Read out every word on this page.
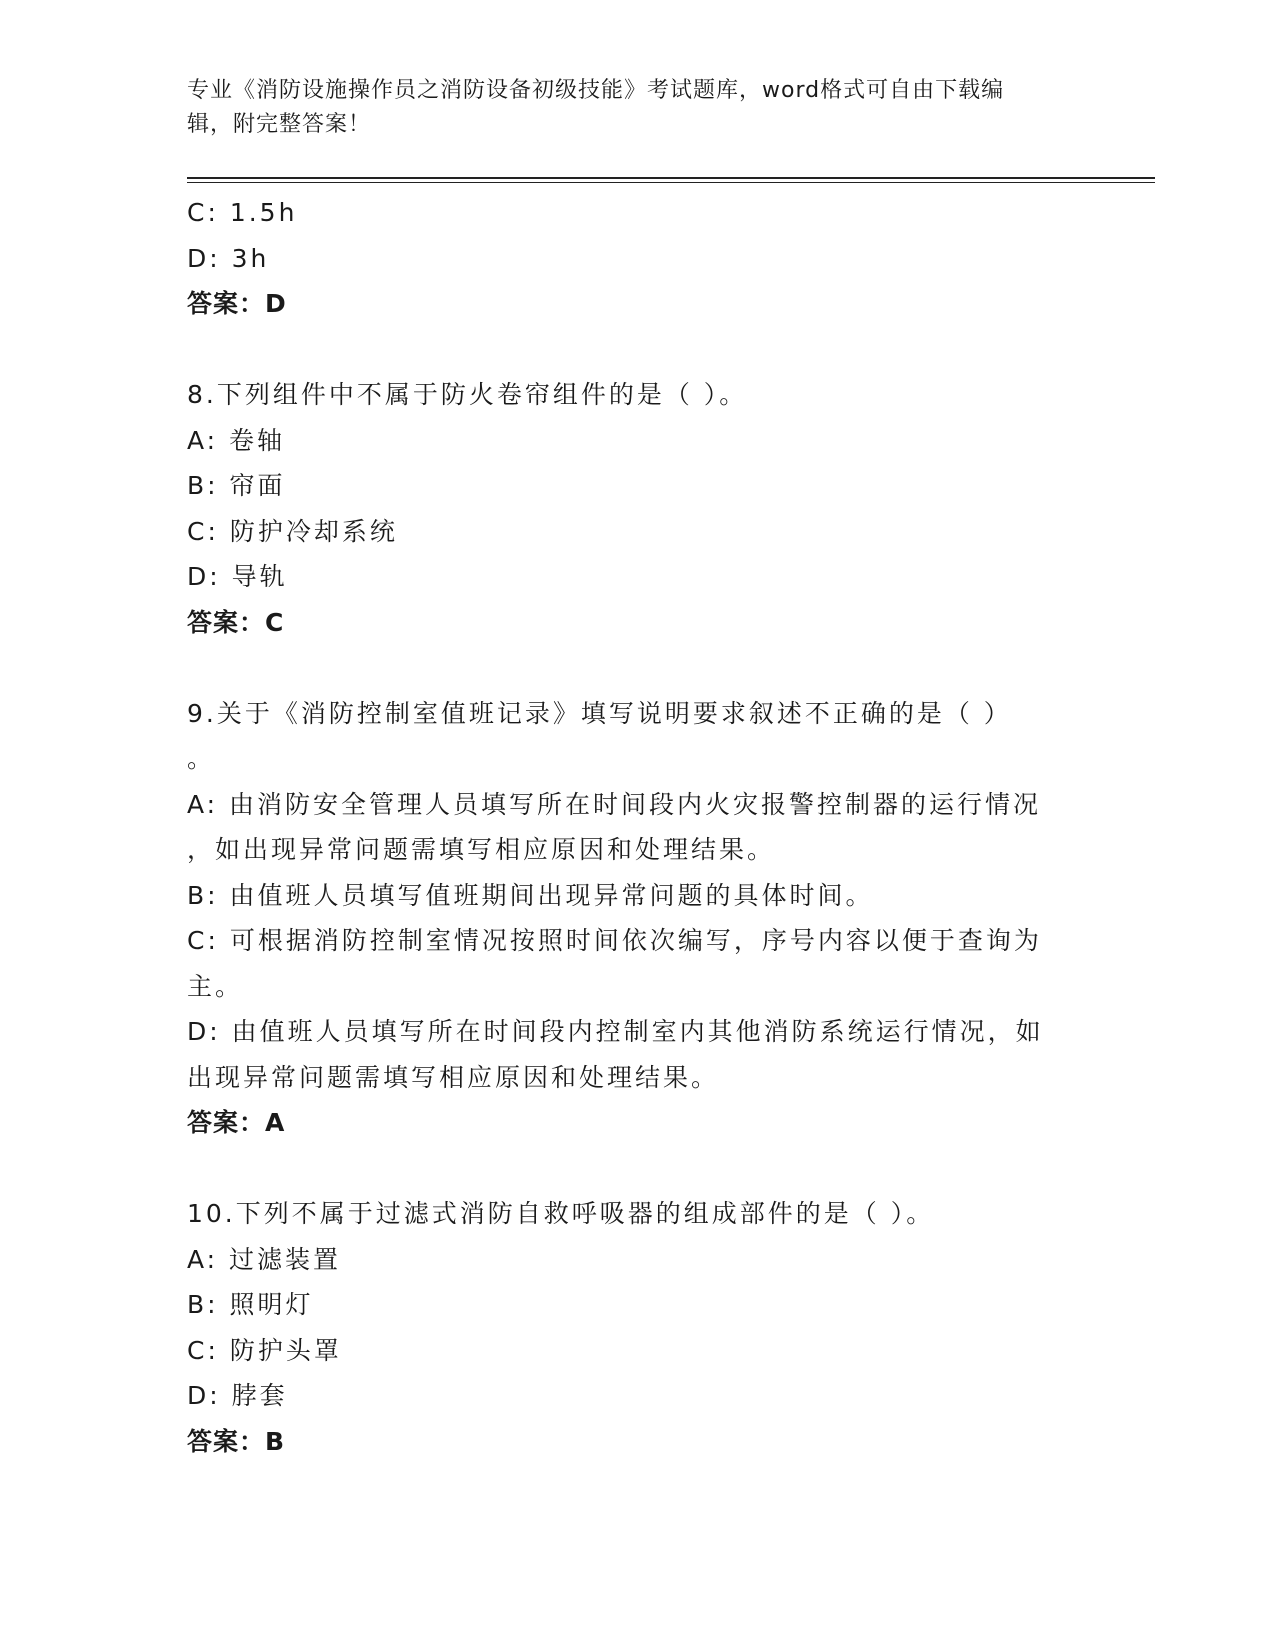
专业《消防设施操作员之消防设备初级技能》考试题库，word格式可自由下载编
辑，附完整答案！
C: 1.5h
D: 3h
答案：D
8.下列组件中不属于防火卷帘组件的是（ ）。
A: 卷轴
B: 帘面
C: 防护冷却系统
D: 导轨
答案：C
9.关于《消防控制室值班记录》填写说明要求叙述不正确的是（ ）
。
A: 由消防安全管理人员填写所在时间段内火灾报警控制器的运行情况
，如出现异常问题需填写相应原因和处理结果。
B: 由值班人员填写值班期间出现异常问题的具体时间。
C: 可根据消防控制室情况按照时间依次编写，序号内容以便于查询为
主。
D: 由值班人员填写所在时间段内控制室内其他消防系统运行情况，如
出现异常问题需填写相应原因和处理结果。
答案：A
10.下列不属于过滤式消防自救呼吸器的组成部件的是（ ）。
A: 过滤装置
B: 照明灯
C: 防护头罩
D: 脖套
答案：B
